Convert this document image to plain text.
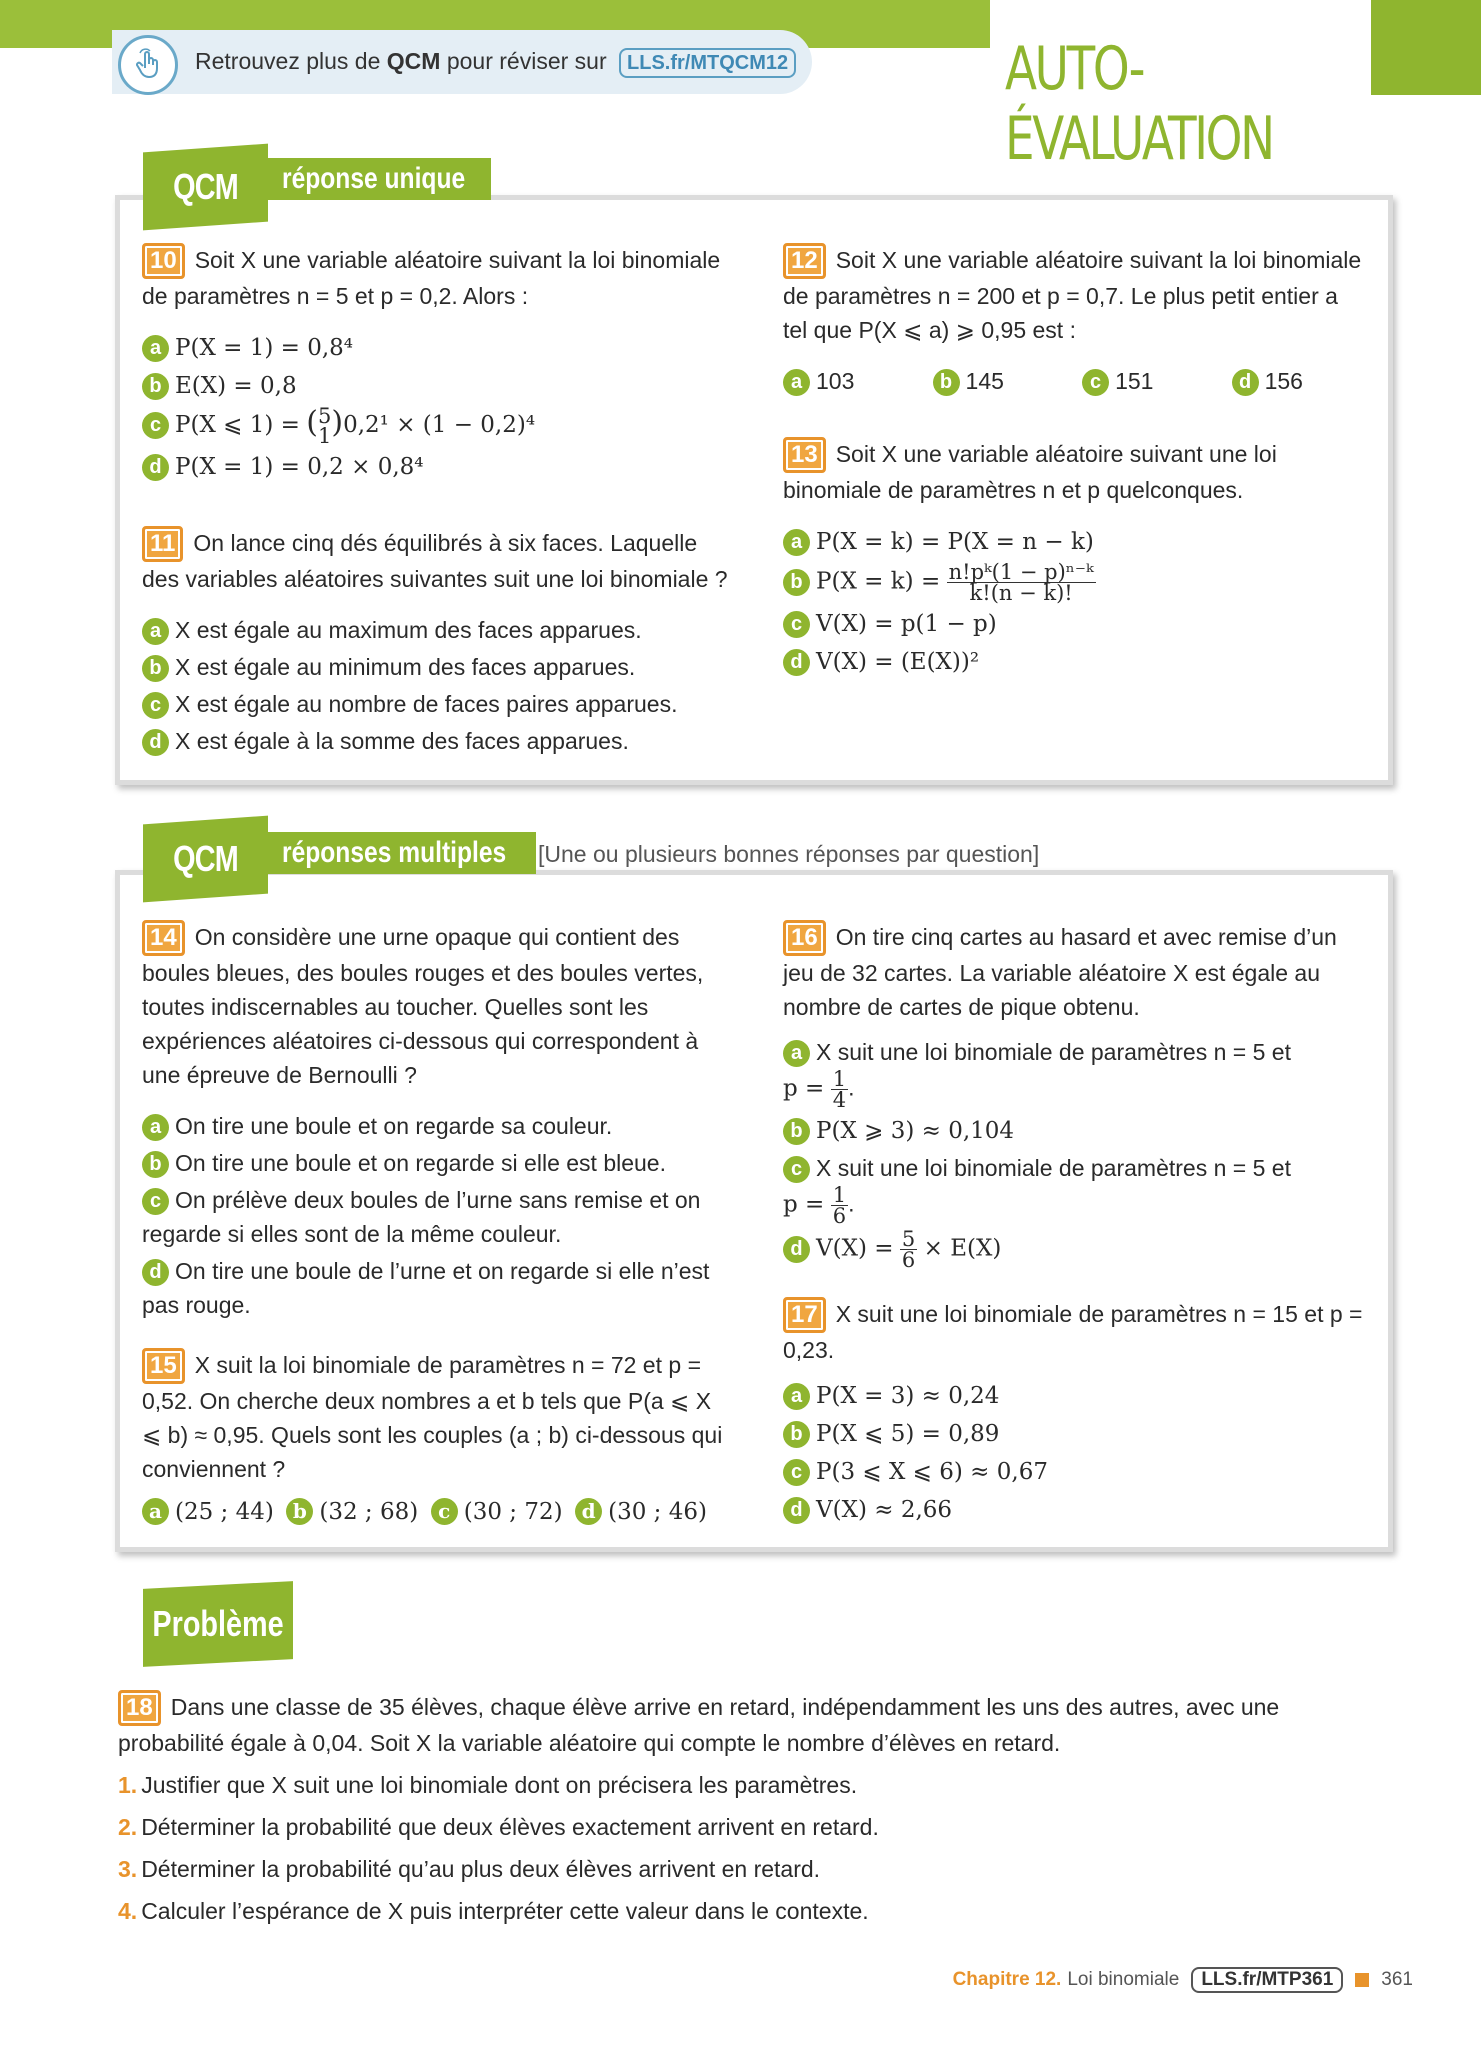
Retrouvez plus de QCM pour réviser sur LLS.fr/MTQCM12	AUTO-ÉVALUATION
QCM réponse unique
10 Soit X une variable aléatoire suivant la loi binomiale de paramètres n = 5 et p = 0,2. Alors :
a P(X = 1) = 0,8⁴
b E(X) = 0,8
c P(X ⩽ 1) = (5
1 )0,2¹ × (1 − 0,2)⁴
d P(X = 1) = 0,2 × 0,8⁴
11 On lance cinq dés équilibrés à six faces. Laquelle des variables aléatoires suivantes suit une loi binomiale ?
a X est égale au maximum des faces apparues.
b X est égale au minimum des faces apparues.
c X est égale au nombre de faces paires apparues.
d X est égale à la somme des faces apparues.
12 Soit X une variable aléatoire suivant la loi binomiale de paramètres n = 200 et p = 0,7. Le plus petit entier a tel que P(X ⩽ a) ⩾ 0,95 est :
a 103	b 145	c 151	d 156
13 Soit X une variable aléatoire suivant une loi binomiale de paramètres n et p quelconques.
a P(X = k) = P(X = n − k)
b $P(X = k) = \frac{\text{n!pᵏ(1 − p)ⁿ⁻ᵏ}}{k!(n - k)!}$
c V(X) = p(1 − p)
d V(X) = (E(X))²
QCM réponses multiples [Une ou plusieurs bonnes réponses par question]
14 On considère une urne opaque qui contient des boules bleues, des boules rouges et des boules vertes, toutes indiscernables au toucher. Quelles sont les expériences aléatoires ci-dessous qui correspondent à une épreuve de Bernoulli ?
a On tire une boule et on regarde sa couleur.
b On tire une boule et on regarde si elle est bleue.
c On prélève deux boules de l’urne sans remise et on regarde si elles sont de la même couleur.
d On tire une boule de l’urne et on regarde si elle n’est pas rouge.
15 X suit la loi binomiale de paramètres n = 72 et p = 0,52. On cherche deux nombres a et b tels que P(a ⩽ X ⩽ b) ≈ 0,95. Quels sont les couples (a ; b) ci-dessous qui conviennent ?
a (25 ; 44) b (32 ; 68) c (30 ; 72) d (30 ; 46)
16 On tire cinq cartes au hasard et avec remise d’un jeu de 32 cartes. La variable aléatoire X est égale au nombre de cartes de pique obtenu.
a X suit une loi binomiale de paramètres n = 5 et
$p = \frac{1}{4}$ .
b P(X ⩾ 3) ≈ 0,104
c X suit une loi binomiale de paramètres n = 5 et
$p = \frac{1}{6}$ .
d $V(X) = \frac{5}{6} \times E(X)$
17 X suit une loi binomiale de paramètres n = 15 et p = 0,23.
a P(X = 3) ≈ 0,24
b P(X ⩽ 5) = 0,89
c P(3 ⩽ X ⩽ 6) ≈ 0,67
d V(X) ≈ 2,66
Problème
18 Dans une classe de 35 élèves, chaque élève arrive en retard, indépendamment les uns des autres, avec une probabilité égale à 0,04. Soit X la variable aléatoire qui compte le nombre d’élèves en retard.
1. Justifier que X suit une loi binomiale dont on précisera les paramètres.
2. Déterminer la probabilité que deux élèves exactement arrivent en retard.
3. Déterminer la probabilité qu’au plus deux élèves arrivent en retard.
4. Calculer l’espérance de X puis interpréter cette valeur dans le contexte.
Chapitre 12. Loi binomiale	LLS.fr/MTP361	361
